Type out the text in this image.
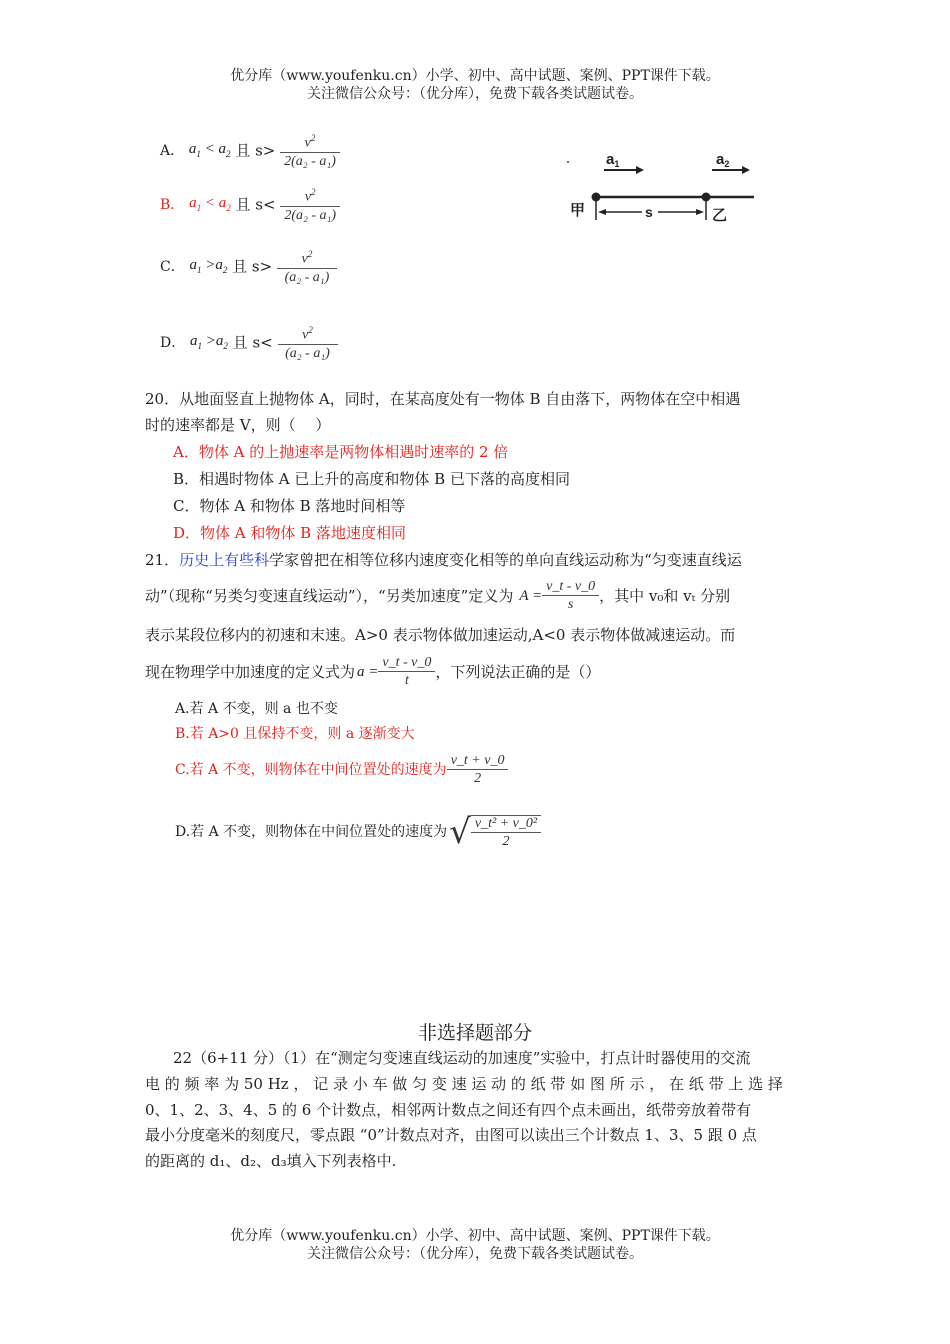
优分库（www.youfenku.cn）小学、初中、高中试题、案例、PPT课件下载。
关注微信公众号：（优分库），免费下载各类试题试卷。
A． $a_1 < a_2$ 且 $s> \frac{v^2}{\text{2(a₂ - a₁)}}$
B． $a_1 < a_2$ 且 $s< \frac{v^2}{\text{2(a₂ - a₁)}}$
C． $a_1 >a_2$ 且 $s> \frac{v^2}{\text{(a₂ - a₁)}}$
D． $a_1 >a_2$ 且 $s< \frac{v^2}{\text{(a₂ - a₁)}}$
$a_1$	$a_2$
s
甲	乙
20．从地面竖直上抛物体 A，同时，在某高度处有一物体 B 自由落下，两物体在空中相遇
时的速率都是 V，则（　 ）
A．物体 A 的上抛速率是两物体相遇时速率的 2 倍
B．相遇时物体 A 已上升的高度和物体 B 已下落的高度相同
C．物体 A 和物体 B 落地时间相等
D．物体 A 和物体 B 落地速度相同
21．历史上有些科学家曾把在相等位移内速度变化相等的单向直线运动称为“匀变速直线运
动”（现称“另类匀变速直线运动”），“另类加速度”定义为 $A = \frac{v\_t - v\_0}{s}$ ，其中 v₀和 vₜ 分别
表示某段位移内的初速和末速。A>0 表示物体做加速运动,A<0 表示物体做减速运动。而
现在物理学中加速度的定义式为 $a = \frac{v\_t - v\_0}{t}$ ，下列说法正确的是（）
A.若 A 不变，则 a 也不变
B.若 A>0 且保持不变，则 a 逐渐变大
C.若 A 不变，则物体在中间位置处的速度为 $\frac{v\_t + v\_0}{2}$
D.若 A 不变，则物体在中间位置处的速度为 √ $\frac{\text{v\_t² + v\_0²}}{2}$
非选择题部分
22（6+11 分）（1）在“测定匀变速直线运动的加速度”实验中，打点计时器使用的交流
电 的 频 率 为 50 Hz ， 记 录 小 车 做 匀 变 速 运 动 的 纸 带 如 图 所 示 ， 在 纸 带 上 选 择
0、1、2、3、4、5 的 6 个计数点，相邻两计数点之间还有四个点未画出，纸带旁放着带有
最小分度毫米的刻度尺，零点跟 “0”计数点对齐，由图可以读出三个计数点 1、3、5 跟 0 点
的距离的 d₁、d₂、d₃填入下列表格中.
优分库（www.youfenku.cn）小学、初中、高中试题、案例、PPT课件下载。
关注微信公众号：（优分库），免费下载各类试题试卷。
